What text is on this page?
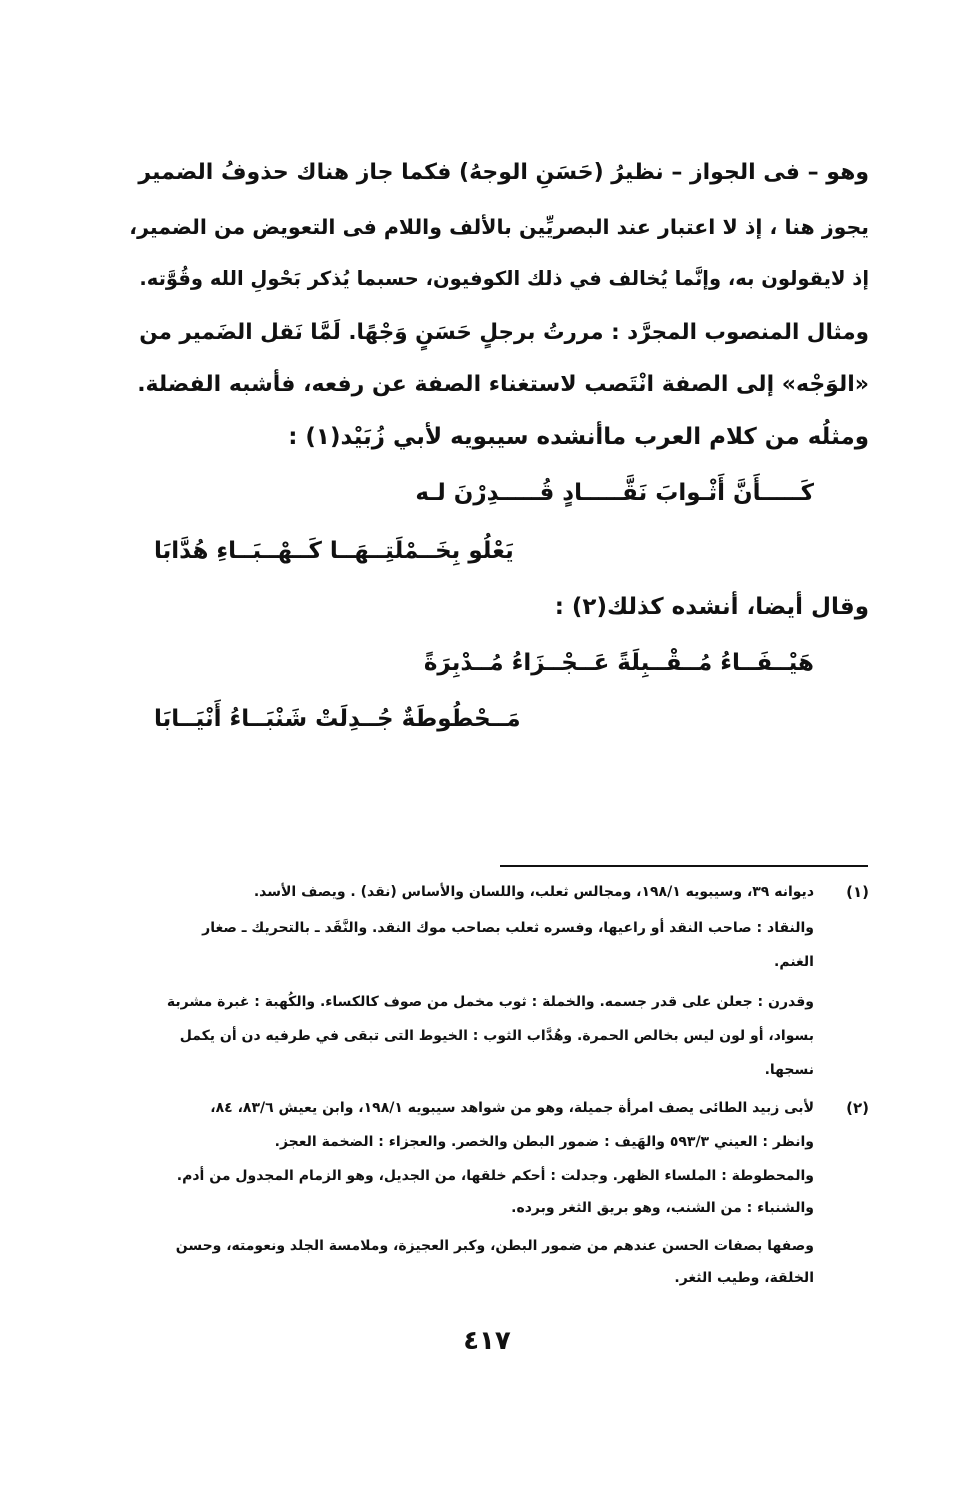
وهو – فى الجواز – نظيرُ (حَسَنِ الوجهُ) فكما جاز هناك حذوفُ الضمير

يجوز هنا ، إذ لا اعتبار عند البصريِّين بالألف واللام فى التعويض من الضمير،

إذ لايقولون به، وإنَّما يُخالف في ذلك الكوفيون، حسبما يُذكر بَحْولِ الله وقُوَّته.

ومثال المنصوب المجرَّد : مررتُ برجلٍ حَسَنٍ وَجْهًا. لَمَّا نَقل الضَمير من

«الوَجْه» إلى الصفة انْتَصب لاستغناء الصفة عن رفعه، فأشبه الفضلة.

ومثلُه من كلام العرب ماأنشده سيبويه لأبي زُبَيْد(١) :

كَـــــأَنَّ أَثْـوابَ نَقَّـــــادٍ قُـــــدِرْنَ لـه

يَعْلُو بِخَــمْلَتِــهَــا كَــهْــبَــاءِ هُدَّابَا

وقال أيضا، أنشده كذلك(٢) :

هَيْــفَــاءُ مُــقْــبِلَةً عَــجْــزَاءُ مُــدْبِرَةً

مَــحْطُوطَةٌ جُــدِلَتْ شَنْبَــاءُ أَنْيَــابَا

(١)

ديوانه ٣٩، وسيبويه ١٩٨/١، ومجالس ثعلب، واللسان والأساس (نقد) . ويصف الأسد.

والنقاد : صاحب النقد أو راعيها، وفسره ثعلب بصاحب موك النقد. والنَّقَد ـ بالتحريك ـ صغار

الغنم.

وقدرن : جعلن على قدر جسمه. والخملة : ثوب مخمل من صوف كالكساء. والكُهبة : غبرة مشربة

بسواد، أو لون ليس بخالص الحمرة. وهُدَّاب الثوب : الخيوط التى تبقى في طرفيه دن أن يكمل

نسجها.

(٢)

لأبى زبيد الطائى يصف امرأة جميلة، وهو من شواهد سيبويه ١٩٨/١، وابن يعيش ٨٣/٦، ٨٤،

وانظر : العيني ٥٩٣/٣ والهَيف : ضمور البطن والخصر. والعجزاء : الضخمة العجز.

والمحطوطة : الملساء الظهر. وجدلت : أحكم خلقها، من الجديل، وهو الزمام المجدول من أدم.

والشنباء : من الشنب، وهو بريق الثغر وبرده.

وصفها بصفات الحسن عندهم من ضمور البطن، وكبر العجيزة، وملامسة الجلد ونعومته، وحسن

الخلقة، وطيب الثغر.

٤١٧
